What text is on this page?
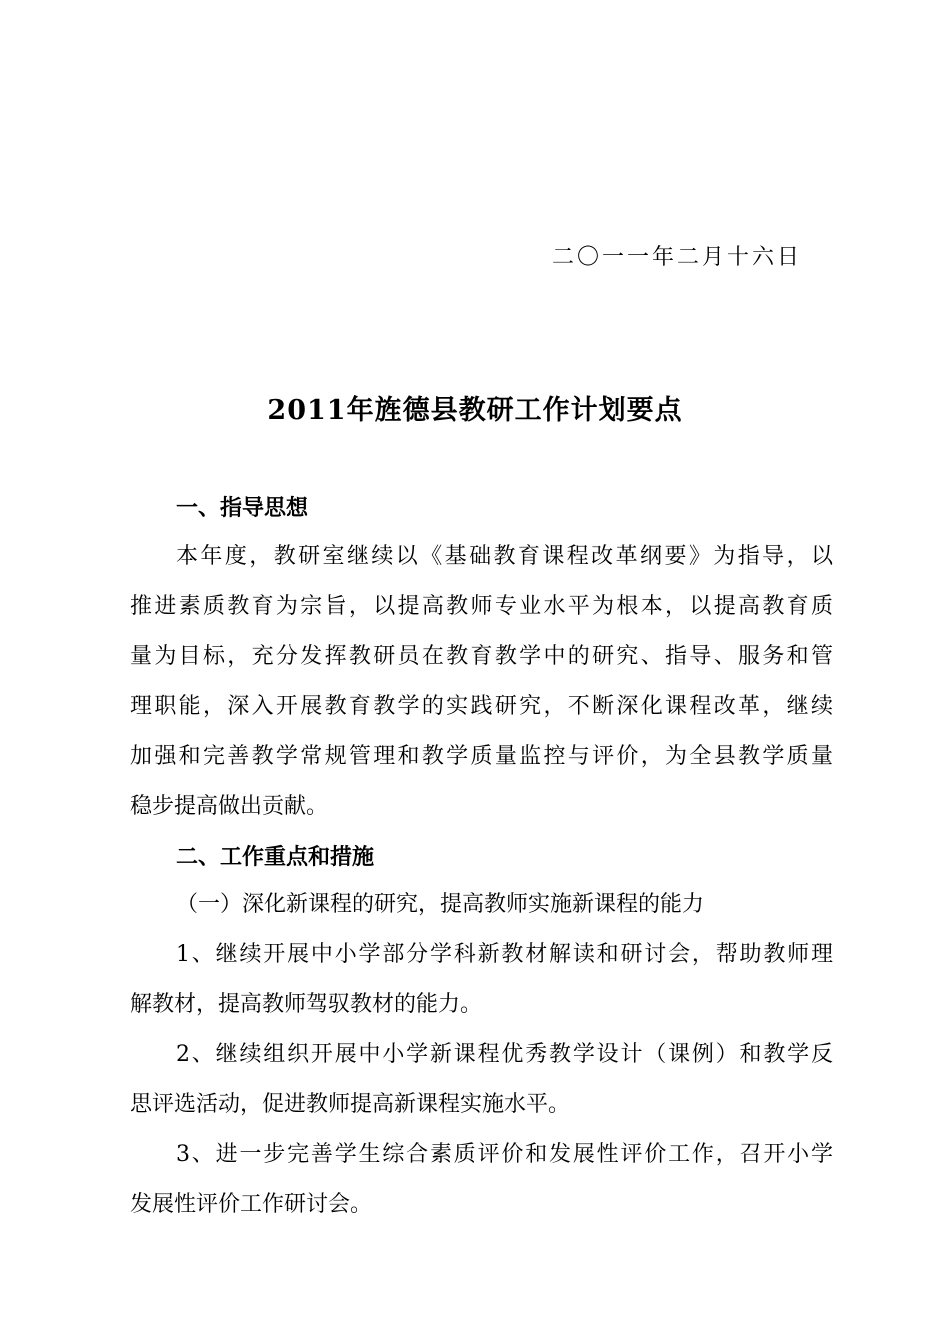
二〇一一年二月十六日
2011年旌德县教研工作计划要点
一、指导思想
本年度，教研室继续以《基础教育课程改革纲要》为指导，以
推进素质教育为宗旨，以提高教师专业水平为根本，以提高教育质
量为目标，充分发挥教研员在教育教学中的研究、指导、服务和管
理职能，深入开展教育教学的实践研究，不断深化课程改革，继续
加强和完善教学常规管理和教学质量监控与评价，为全县教学质量
稳步提高做出贡献。
二、工作重点和措施
（一）深化新课程的研究，提高教师实施新课程的能力
1、继续开展中小学部分学科新教材解读和研讨会，帮助教师理
解教材，提高教师驾驭教材的能力。
2、继续组织开展中小学新课程优秀教学设计（课例）和教学反
思评选活动，促进教师提高新课程实施水平。
3、进一步完善学生综合素质评价和发展性评价工作，召开小学
发展性评价工作研讨会。
